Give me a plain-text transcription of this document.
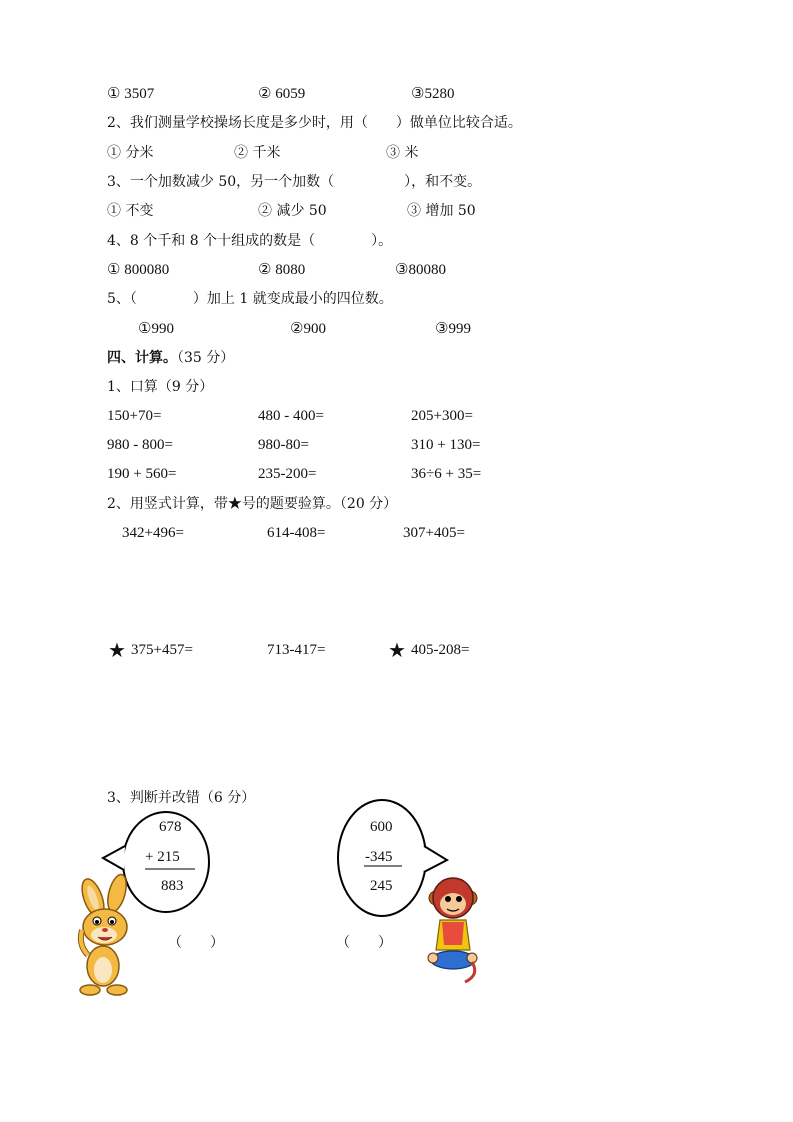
① 3507	② 6059	③5280
2、我们测量学校操场长度是多少时，用（　　）做单位比较合适。
① 分米	② 千米	③ 米
3、一个加数减少 50，另一个加数（　　　　　），和不变。
① 不变	② 减少 50	③ 增加 50
4、8 个千和 8 个十组成的数是（　　　　）。
① 800080	② 8080	③80080
5、（　　　　）加上 1 就变成最小的四位数。
①990	②900	③999
四、计算。（35 分）
1、口算（9 分）
150+70=	480 - 400=	205+300=
980 - 800=	980-80=	310 + 130=
190 + 560=	235-200=	36÷6 + 35=
2、用竖式计算，带★号的题要验算。（20 分）
342+496=	614-408=	307+405=
★ 375+457=	713-417=	★ 405-208=
3、判断并改错（6 分）
678
+ 215
883
600
-345
245
（　　）	（　　）
